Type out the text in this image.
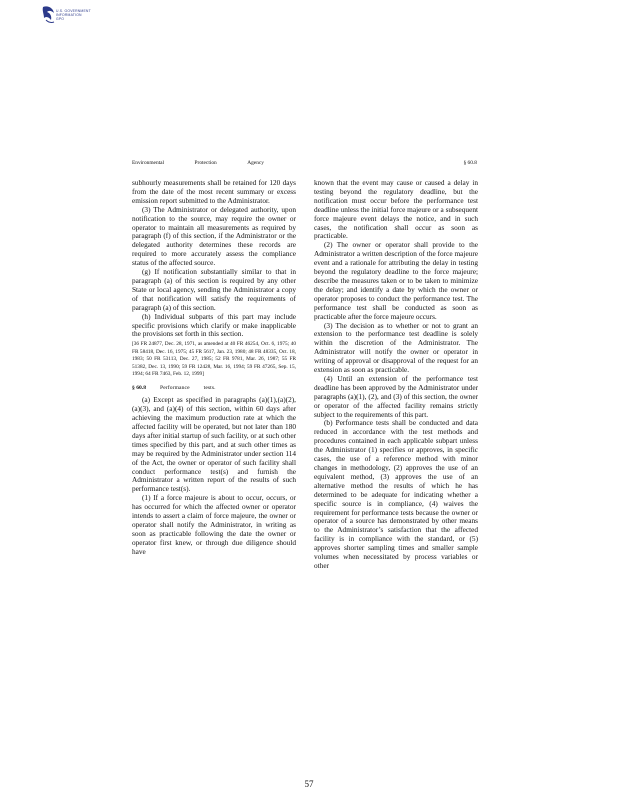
U.S. GOVERNMENT
INFORMATION
GPO
Environmental	Protection	Agency	§ 60.8

subhourly measurements shall be retained for 120 days from the date of the most recent summary or excess emission report submitted to the Administrator.

(3) The Administrator or delegated authority, upon notification to the source, may require the owner or operator to maintain all measurements as required by paragraph (f) of this section, if the Administrator or the delegated authority determines these records are required to more accurately assess the compliance status of the affected source.

(g) If notification substantially similar to that in paragraph (a) of this section is required by any other State or local agency, sending the Administrator a copy of that notification will satisfy the requirements of paragraph (a) of this section.

(h) Individual subparts of this part may include specific provisions which clarify or make inapplicable the provisions set forth in this section.

[36 FR 24877, Dec. 28, 1971, as amended at 40 FR 46254, Oct. 6, 1975; 40 FR 58418, Dec. 16, 1975; 45 FR 5617, Jan. 23, 1980; 48 FR 48335, Oct. 18, 1983; 50 FR 53113, Dec. 27, 1985; 52 FR 9781, Mar. 26, 1987; 55 FR 51382, Dec. 13, 1990; 59 FR 12428, Mar. 16, 1994; 59 FR 47265, Sep. 15, 1994; 64 FR 7463, Feb. 12, 1999]
§ 60.8	Performance	tests.

(a) Except as specified in paragraphs (a)(1),(a)(2), (a)(3), and (a)(4) of this section, within 60 days after achieving the maximum production rate at which the affected facility will be operated, but not later than 180 days after initial startup of such facility, or at such other times specified by this part, and at such other times as may be required by the Administrator under section 114 of the Act, the owner or operator of such facility shall conduct performance test(s) and furnish the Administrator a written report of the results of such performance test(s).

(1) If a force majeure is about to occur, occurs, or has occurred for which the affected owner or operator intends to assert a claim of force majeure, the owner or operator shall notify the Administrator, in writing as soon as practicable following the date the owner or operator first knew, or through due diligence should have

known that the event may cause or caused a delay in testing beyond the regulatory deadline, but the notification must occur before the performance test deadline unless the initial force majeure or a subsequent force majeure event delays the notice, and in such cases, the notification shall occur as soon as practicable.

(2) The owner or operator shall provide to the Administrator a written description of the force majeure event and a rationale for attributing the delay in testing beyond the regulatory deadline to the force majeure; describe the measures taken or to be taken to minimize the delay; and identify a date by which the owner or operator proposes to conduct the performance test. The performance test shall be conducted as soon as practicable after the force majeure occurs.

(3) The decision as to whether or not to grant an extension to the performance test deadline is solely within the discretion of the Administrator. The Administrator will notify the owner or operator in writing of approval or disapproval of the request for an extension as soon as practicable.

(4) Until an extension of the performance test deadline has been approved by the Administrator under paragraphs (a)(1), (2), and (3) of this section, the owner or operator of the affected facility remains strictly subject to the requirements of this part.

(b) Performance tests shall be conducted and data reduced in accordance with the test methods and procedures contained in each applicable subpart unless the Administrator (1) specifies or approves, in specific cases, the use of a reference method with minor changes in methodology, (2) approves the use of an equivalent method, (3) approves the use of an alternative method the results of which he has determined to be adequate for indicating whether a specific source is in compliance, (4) waives the requirement for performance tests because the owner or operator of a source has demonstrated by other means to the Administrator’s satisfaction that the affected facility is in compliance with the standard, or (5) approves shorter sampling times and smaller sample volumes when necessitated by process variables or other

57
